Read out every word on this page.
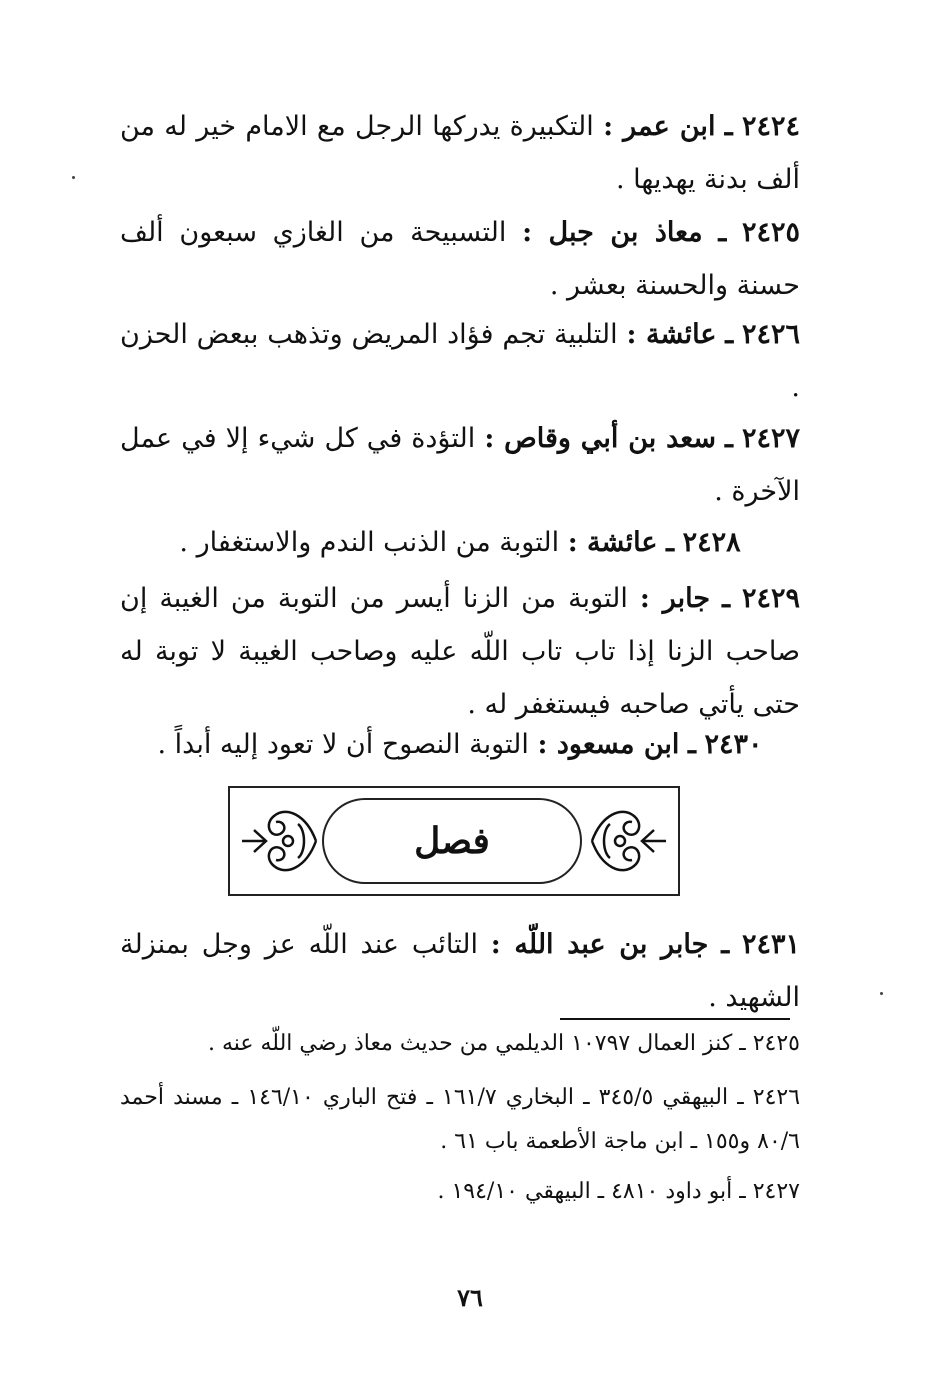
٢٤٢٤ ـ ابن عمر : التكبيرة يدركها الرجل مع الامام خير له من ألف بدنة يهديها .
٢٤٢٥ ـ معاذ بن جبل : التسبيحة من الغازي سبعون ألف حسنة والحسنة بعشر .
٢٤٢٦ ـ عائشة : التلبية تجم فؤاد المريض وتذهب ببعض الحزن .
٢٤٢٧ ـ سعد بن أبي وقاص : التؤدة في كل شيء إلا في عمل الآخرة .
٢٤٢٨ ـ عائشة : التوبة من الذنب الندم والاستغفار .
٢٤٢٩ ـ جابر : التوبة من الزنا أيسر من التوبة من الغيبة إن صاحب الزنا إذا تاب تاب اللّه عليه وصاحب الغيبة لا توبة له حتى يأتي صاحبه فيستغفر له .
٢٤٣٠ ـ ابن مسعود : التوبة النصوح أن لا تعود إليه أبداً .
فصل
٢٤٣١ ـ جابر بن عبد اللّه : التائب عند اللّه عز وجل بمنزلة الشهيد .
٢٤٢٥ ـ كنز العمال ١٠٧٩٧ الديلمي من حديث معاذ رضي اللّه عنه .
٢٤٢٦ ـ البيهقي ٣٤٥/٥ ـ البخاري ١٦١/٧ ـ فتح الباري ١٤٦/١٠ ـ مسند أحمد ٨٠/٦ و١٥٥ ـ ابن ماجة الأطعمة باب ٦١ .
٢٤٢٧ ـ أبو داود ٤٨١٠ ـ البيهقي ١٩٤/١٠ .
٧٦
